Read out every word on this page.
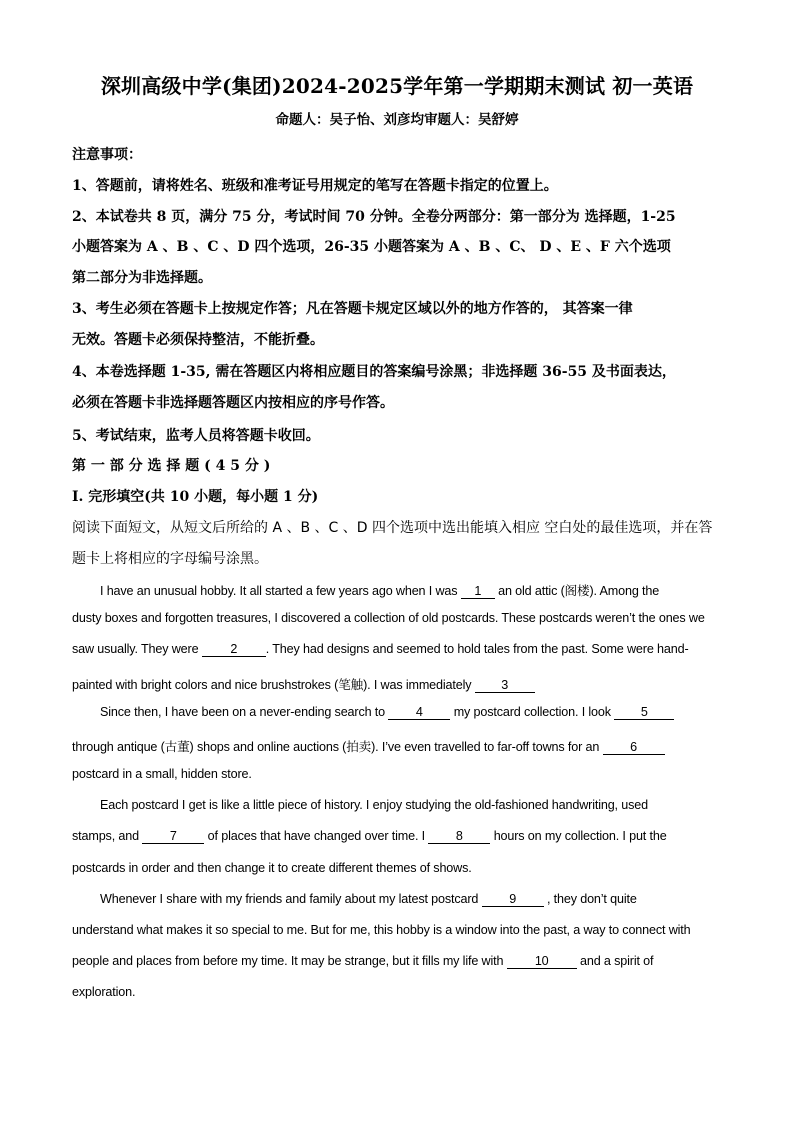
深圳高级中学(集团)2024-2025学年第一学期期末测试 初一英语
命题人：吴子怡、刘彦均审题人：吴舒婷
注意事项：
1、答题前，请将姓名、班级和准考证号用规定的笔写在答题卡指定的位置上。
2、本试卷共 8 页，满分 75 分，考试时间 70 分钟。全卷分两部分：第一部分为 选择题，1-25
小题答案为 A 、B 、C 、D 四个选项，26-35 小题答案为 A 、B 、C、 D 、E 、F 六个选项
第二部分为非选择题。
3、考生必须在答题卡上按规定作答；凡在答题卡规定区域以外的地方作答的， 其答案一律
无效。答题卡必须保持整洁，不能折叠。
4、本卷选择题 1-35, 需在答题区内将相应题目的答案编号涂黑；非选择题 36-55 及书面表达，
必须在答题卡非选择题答题区内按相应的序号作答。
5、考试结束，监考人员将答题卡收回。
第 一 部 分 选 择 题 ( 4 5 分 )
I. 完形填空(共 10 小题，每小题 1 分)
阅读下面短文，从短文后所给的 A 、B 、C 、D 四个选项中选出能填入相应 空白处的最佳选项，并在答
题卡上将相应的字母编号涂黑。
I have an unusual hobby. It all started a few years ago when I was 1 an old attic (阁楼). Among the
dusty boxes and forgotten treasures, I discovered a collection of old postcards. These postcards weren’t the ones we
saw usually. They were 2 . They had designs and seemed to hold tales from the past. Some were hand-
painted with bright colors and nice brushstrokes (笔触). I was immediately 3
Since then, I have been on a never-ending search to 4 my postcard collection. I look 5
through antique (古董) shops and online auctions (拍卖). I’ve even travelled to far-off towns for an 6
postcard in a small, hidden store.
Each postcard I get is like a little piece of history. I enjoy studying the old-fashioned handwriting, used
stamps, and 7 of places that have changed over time. I 8 hours on my collection. I put the
postcards in order and then change it to create different themes of shows.
Whenever I share with my friends and family about my latest postcard 9 , they don’t quite
understand what makes it so special to me. But for me, this hobby is a window into the past, a way to connect with
people and places from before my time. It may be strange, but it fills my life with 10 and a spirit of
exploration.
